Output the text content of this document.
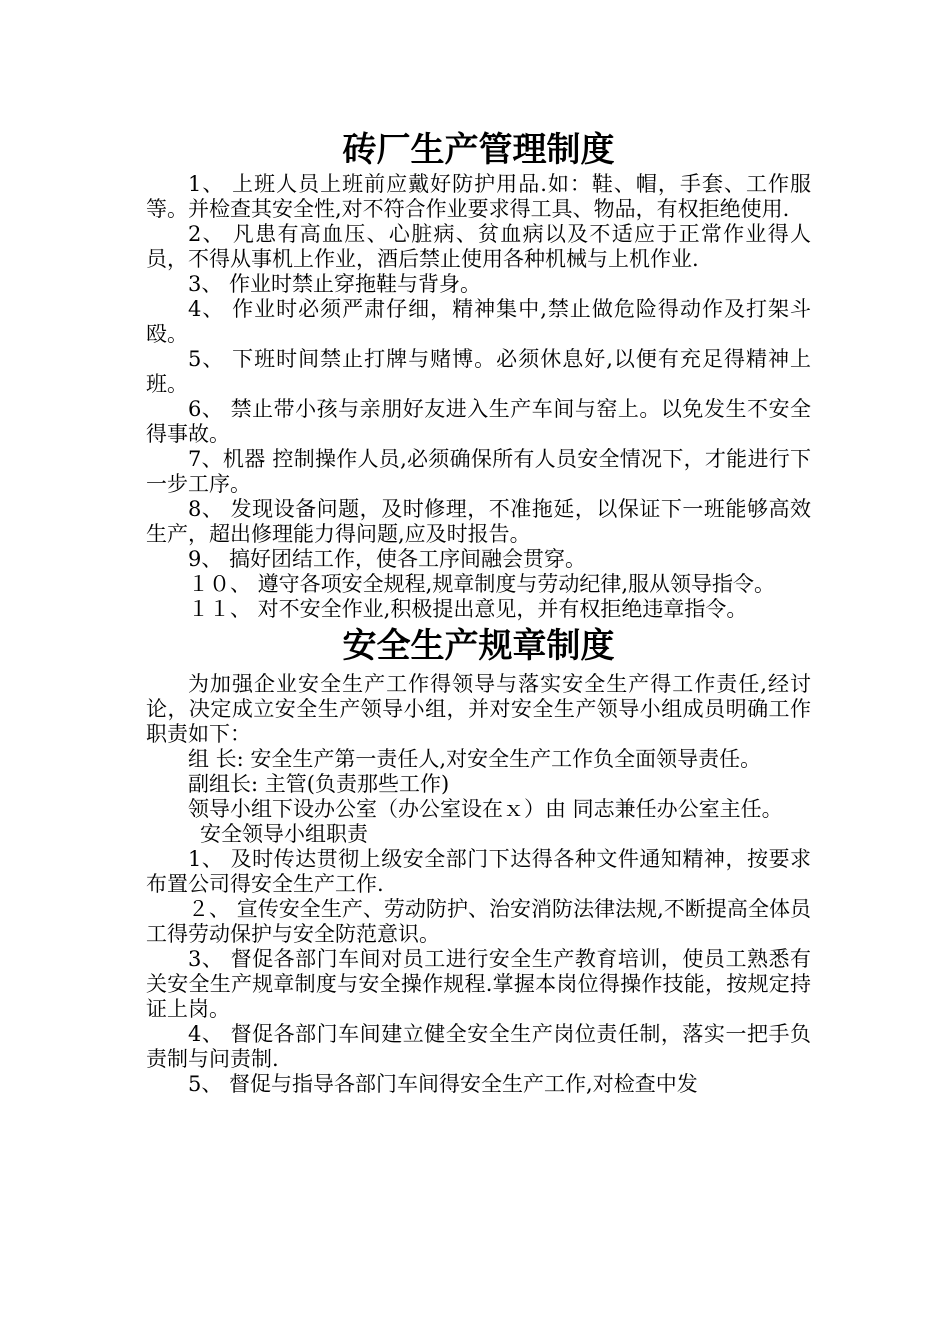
砖厂生产管理制度

1、 上班人员上班前应戴好防护用品.如：鞋、帽，手套、工作服等。并检查其安全性,对不符合作业要求得工具、物品，有权拒绝使用.

2、 凡患有高血压、心脏病、贫血病以及不适应于正常作业得人员，不得从事机上作业，酒后禁止使用各种机械与上机作业.

3、 作业时禁止穿拖鞋与背身。

4、 作业时必须严肃仔细，精神集中,禁止做危险得动作及打架斗殴。

5、 下班时间禁止打牌与赌博。必须休息好,以便有充足得精神上班。

6、 禁止带小孩与亲朋好友进入生产车间与窑上。以免发生不安全得事故。

7、机器 控制操作人员,必须确保所有人员安全情况下，才能进行下一步工序。

8、 发现设备问题，及时修理，不准拖延，以保证下一班能够高效生产，超出修理能力得问题,应及时报告。

9、 搞好团结工作，使各工序间融会贯穿。

１０、 遵守各项安全规程,规章制度与劳动纪律,服从领导指令。

１１、 对不安全作业,积极提出意见，并有权拒绝违章指令。

安全生产规章制度

为加强企业安全生产工作得领导与落实安全生产得工作责任,经讨论，决定成立安全生产领导小组，并对安全生产领导小组成员明确工作职责如下：

组 长: 安全生产第一责任人,对安全生产工作负全面领导责任。

副组长: 主管(负责那些工作)

领导小组下设办公室（办公室设在ｘ）由 同志兼任办公室主任。

安全领导小组职责

1、 及时传达贯彻上级安全部门下达得各种文件通知精神，按要求布置公司得安全生产工作.

２、 宣传安全生产、劳动防护、治安消防法律法规,不断提高全体员工得劳动保护与安全防范意识。

3、 督促各部门车间对员工进行安全生产教育培训，使员工熟悉有关安全生产规章制度与安全操作规程.掌握本岗位得操作技能，按规定持证上岗。

4、 督促各部门车间建立健全安全生产岗位责任制，落实一把手负责制与问责制.

5、 督促与指导各部门车间得安全生产工作,对检查中发
